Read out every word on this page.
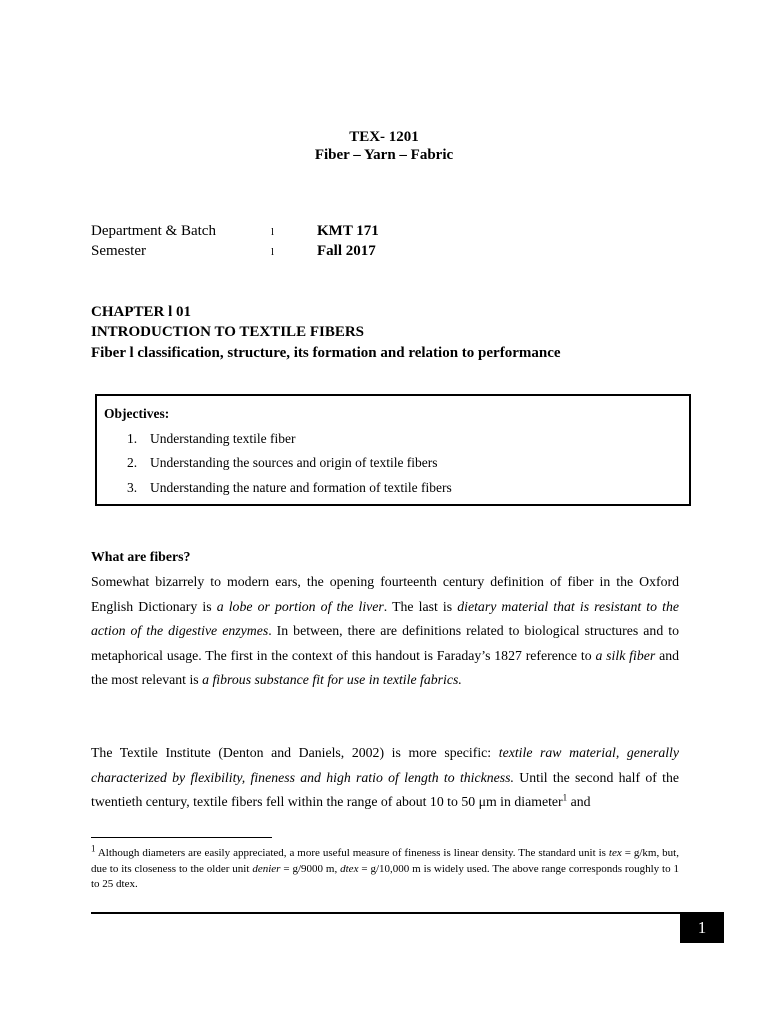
TEX- 1201
Fiber – Yarn – Fabric
Department & Batch	l	KMT 171
Semester	l	Fall 2017
CHAPTER l 01
INTRODUCTION TO TEXTILE FIBERS
Fiber l classification, structure, its formation and relation to performance
Objectives:
1. Understanding textile fiber
2. Understanding the sources and origin of textile fibers
3. Understanding the nature and formation of textile fibers
What are fibers?

Somewhat bizarrely to modern ears, the opening fourteenth century definition of fiber in the Oxford English Dictionary is a lobe or portion of the liver. The last is dietary material that is resistant to the action of the digestive enzymes. In between, there are definitions related to biological structures and to metaphorical usage. The first in the context of this handout is Faraday’s 1827 reference to a silk fiber and the most relevant is a fibrous substance fit for use in textile fabrics.

The Textile Institute (Denton and Daniels, 2002) is more specific: textile raw material, generally characterized by flexibility, fineness and high ratio of length to thickness. Until the second half of the twentieth century, textile fibers fell within the range of about 10 to 50 μm in diameter$^1$ and

$^1$ Although diameters are easily appreciated, a more useful measure of fineness is linear density. The standard unit is tex = g/km, but, due to its closeness to the older unit denier = g/9000 m, dtex = g/10,000 m is widely used. The above range corresponds roughly to 1 to 25 dtex.

1
